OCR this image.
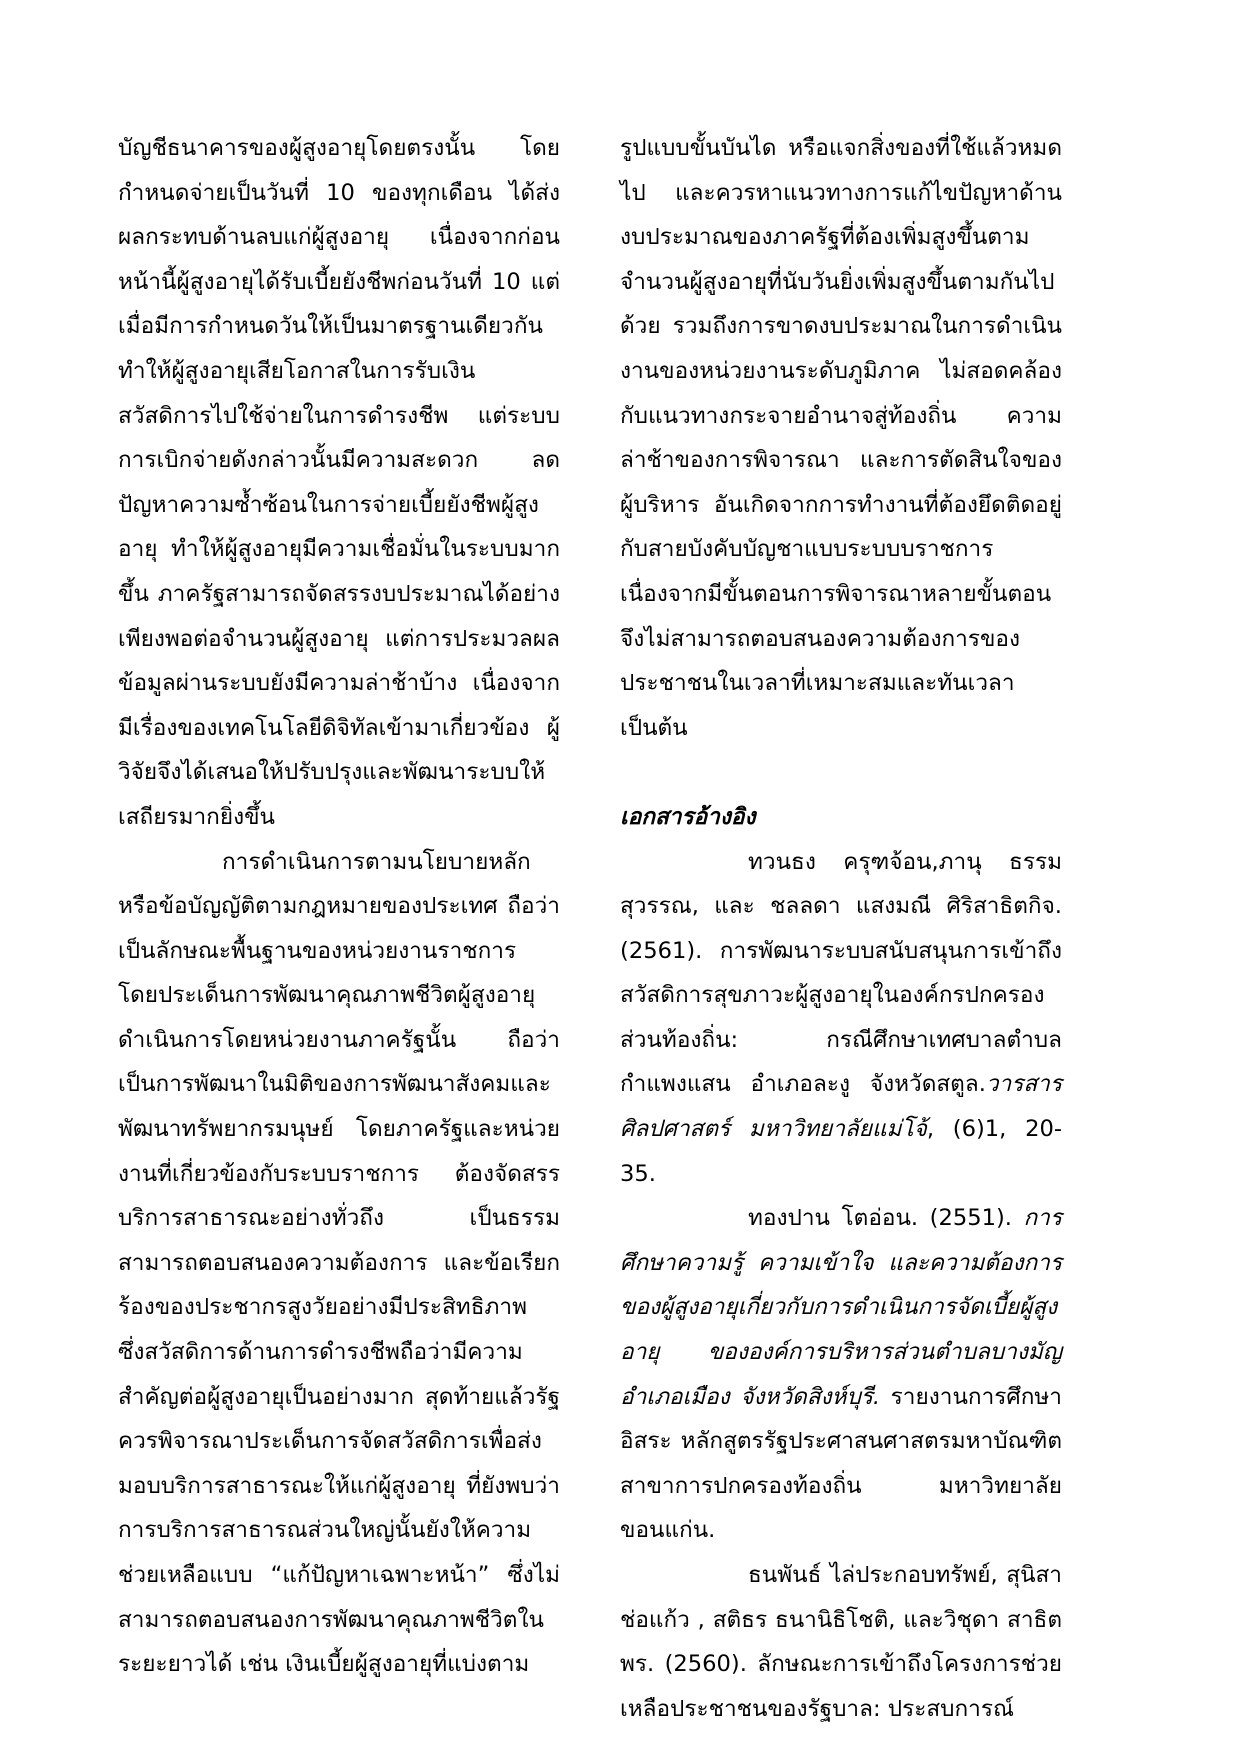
บัญชีธนาคารของผู้สูงอายุโดยตรงนั้น โดยกำหนดจ่ายเป็นวันที่ 10 ของทุกเดือน ได้ส่งผลกระทบด้านลบแก่ผู้สูงอายุ เนื่องจากก่อนหน้านี้ผู้สูงอายุได้รับเบี้ยยังชีพก่อนวันที่ 10 แต่เมื่อมีการกำหนดวันให้เป็นมาตรฐานเดียวกัน ทำให้ผู้สูงอายุเสียโอกาสในการรับเงินสวัสดิการไปใช้จ่ายในการดำรงชีพ แต่ระบบการเบิกจ่ายดังกล่าวนั้นมีความสะดวก ลดปัญหาความซ้ำซ้อนในการจ่ายเบี้ยยังชีพผู้สูงอายุ ทำให้ผู้สูงอายุมีความเชื่อมั่นในระบบมากขึ้น ภาครัฐสามารถจัดสรรงบประมาณได้อย่างเพียงพอต่อจำนวนผู้สูงอายุ แต่การประมวลผลข้อมูลผ่านระบบยังมีความล่าช้าบ้าง เนื่องจากมีเรื่องของเทคโนโลยีดิจิทัลเข้ามาเกี่ยวข้อง ผู้วิจัยจึงได้เสนอให้ปรับปรุงและพัฒนาระบบให้เสถียรมากยิ่งขึ้น

การดำเนินการตามนโยบายหลักหรือข้อบัญญัติตามกฎหมายของประเทศ ถือว่าเป็นลักษณะพื้นฐานของหน่วยงานราชการ โดยประเด็นการพัฒนาคุณภาพชีวิตผู้สูงอายุดำเนินการโดยหน่วยงานภาครัฐนั้น ถือว่าเป็นการพัฒนาในมิติของการพัฒนาสังคมและพัฒนาทรัพยากรมนุษย์ โดยภาครัฐและหน่วยงานที่เกี่ยวข้องกับระบบราชการ ต้องจัดสรรบริการสาธารณะอย่างทั่วถึง เป็นธรรม สามารถตอบสนองความต้องการ และข้อเรียกร้องของประชากรสูงวัยอย่างมีประสิทธิภาพ ซึ่งสวัสดิการด้านการดำรงชีพถือว่ามีความสำคัญต่อผู้สูงอายุเป็นอย่างมาก สุดท้ายแล้วรัฐควรพิจารณาประเด็นการจัดสวัสดิการเพื่อส่งมอบบริการสาธารณะให้แก่ผู้สูงอายุ ที่ยังพบว่า การบริการสาธารณส่วนใหญ่นั้นยังให้ความช่วยเหลือแบบ “แก้ปัญหาเฉพาะหน้า” ซึ่งไม่สามารถตอบสนองการพัฒนาคุณภาพชีวิตในระยะยาวได้ เช่น เงินเบี้ยผู้สูงอายุที่แบ่งตาม

รูปแบบขั้นบันได หรือแจกสิ่งของที่ใช้แล้วหมดไป และควรหาแนวทางการแก้ไขปัญหาด้านงบประมาณของภาครัฐที่ต้องเพิ่มสูงขึ้นตามจำนวนผู้สูงอายุที่นับวันยิ่งเพิ่มสูงขึ้นตามกันไปด้วย รวมถึงการขาดงบประมาณในการดำเนินงานของหน่วยงานระดับภูมิภาค ไม่สอดคล้องกับแนวทางกระจายอำนาจสู่ท้องถิ่น ความล่าช้าของการพิจารณา และการตัดสินใจของผู้บริหาร อันเกิดจากการทำงานที่ต้องยึดติดอยู่กับสายบังคับบัญชาแบบระบบบราชการ เนื่องจากมีขั้นตอนการพิจารณาหลายขั้นตอน จึงไม่สามารถตอบสนองความต้องการของประชาชนในเวลาที่เหมาะสมและทันเวลา เป็นต้น

เอกสารอ้างอิง

ทวนธง ครุฑจ้อน,ภานุ ธรรมสุวรรณ, และ ชลลดา แสงมณี ศิริสาธิตกิจ. (2561). การพัฒนาระบบสนับสนุนการเข้าถึงสวัสดิการสุขภาวะผู้สูงอายุในองค์กรปกครองส่วนท้องถิ่น: กรณีศึกษาเทศบาลตำบลกำแพงแสน อำเภอละงู จังหวัดสตูล.วารสารศิลปศาสตร์ มหาวิทยาลัยแม่โจ้, (6)1, 20-35.

ทองปาน โตอ่อน. (2551). การศึกษาความรู้ ความเข้าใจ และความต้องการของผู้สูงอายุเกี่ยวกับการดำเนินการจัดเบี้ยผู้สูงอายุ ขององค์การบริหารส่วนตำบลบางมัญ อำเภอเมือง จังหวัดสิงห์บุรี. รายงานการศึกษาอิสระ หลักสูตรรัฐประศาสนศาสตรมหาบัณฑิต สาขาการปกครองท้องถิ่น มหาวิทยาลัยขอนแก่น.

ธนพันธ์ ไล่ประกอบทรัพย์, สุนิสา ช่อแก้ว , สติธร ธนานิธิโชติ, และวิชุดา สาธิตพร. (2560). ลักษณะการเข้าถึงโครงการช่วยเหลือประชาชนของรัฐบาล: ประสบการณ์
